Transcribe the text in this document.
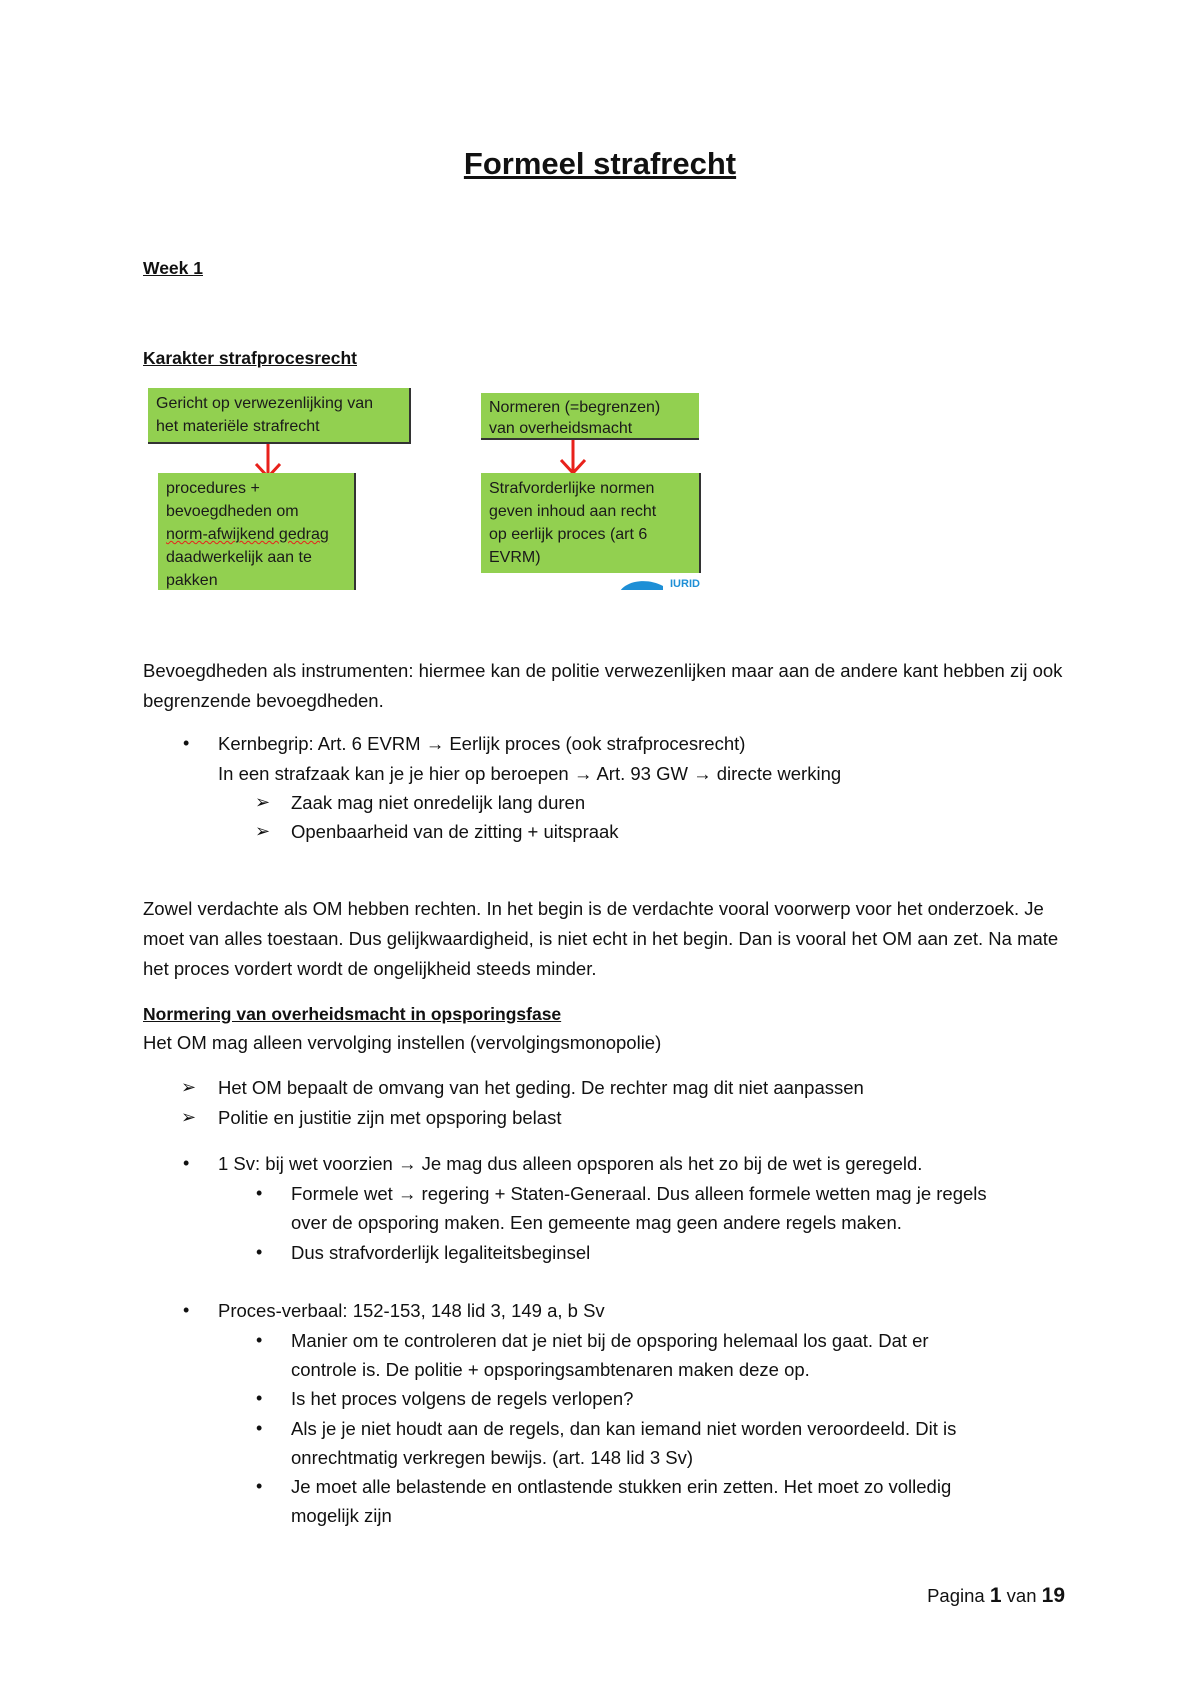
Formeel strafrecht
Week 1
Karakter strafprocesrecht
Gericht op verwezenlijking van
het materiële strafrecht
procedures +
bevoegdheden om
norm-afwijkend gedrag
daadwerkelijk aan te
pakken
Normeren (=begrenzen)
van overheidsmacht
Strafvorderlijke normen
geven inhoud aan recht
op eerlijk proces (art 6
EVRM)
IURID
Bevoegdheden als instrumenten: hiermee kan de politie verwezenlijken maar aan de andere kant hebben zij ook begrenzende bevoegdheden.
• Kernbegrip: Art. 6 EVRM → Eerlijk proces (ook strafprocesrecht)
In een strafzaak kan je je hier op beroepen → Art. 93 GW → directe werking
➢ Zaak mag niet onredelijk lang duren
➢ Openbaarheid van de zitting + uitspraak
Zowel verdachte als OM hebben rechten. In het begin is de verdachte vooral voorwerp voor het onderzoek. Je moet van alles toestaan. Dus gelijkwaardigheid, is niet echt in het begin. Dan is vooral het OM aan zet. Na mate het proces vordert wordt de ongelijkheid steeds minder.
Normering van overheidsmacht in opsporingsfase
Het OM mag alleen vervolging instellen (vervolgingsmonopolie)
➢ Het OM bepaalt de omvang van het geding. De rechter mag dit niet aanpassen
➢ Politie en justitie zijn met opsporing belast
• 1 Sv: bij wet voorzien → Je mag dus alleen opsporen als het zo bij de wet is geregeld.
• Formele wet → regering + Staten-Generaal. Dus alleen formele wetten mag je regels
over de opsporing maken. Een gemeente mag geen andere regels maken.
• Dus strafvorderlijk legaliteitsbeginsel
• Proces-verbaal: 152-153, 148 lid 3, 149 a, b Sv
• Manier om te controleren dat je niet bij de opsporing helemaal los gaat. Dat er
controle is. De politie + opsporingsambtenaren maken deze op.
• Is het proces volgens de regels verlopen?
• Als je je niet houdt aan de regels, dan kan iemand niet worden veroordeeld. Dit is
onrechtmatig verkregen bewijs. (art. 148 lid 3 Sv)
• Je moet alle belastende en ontlastende stukken erin zetten. Het moet zo volledig
mogelijk zijn
Pagina 1 van 19
